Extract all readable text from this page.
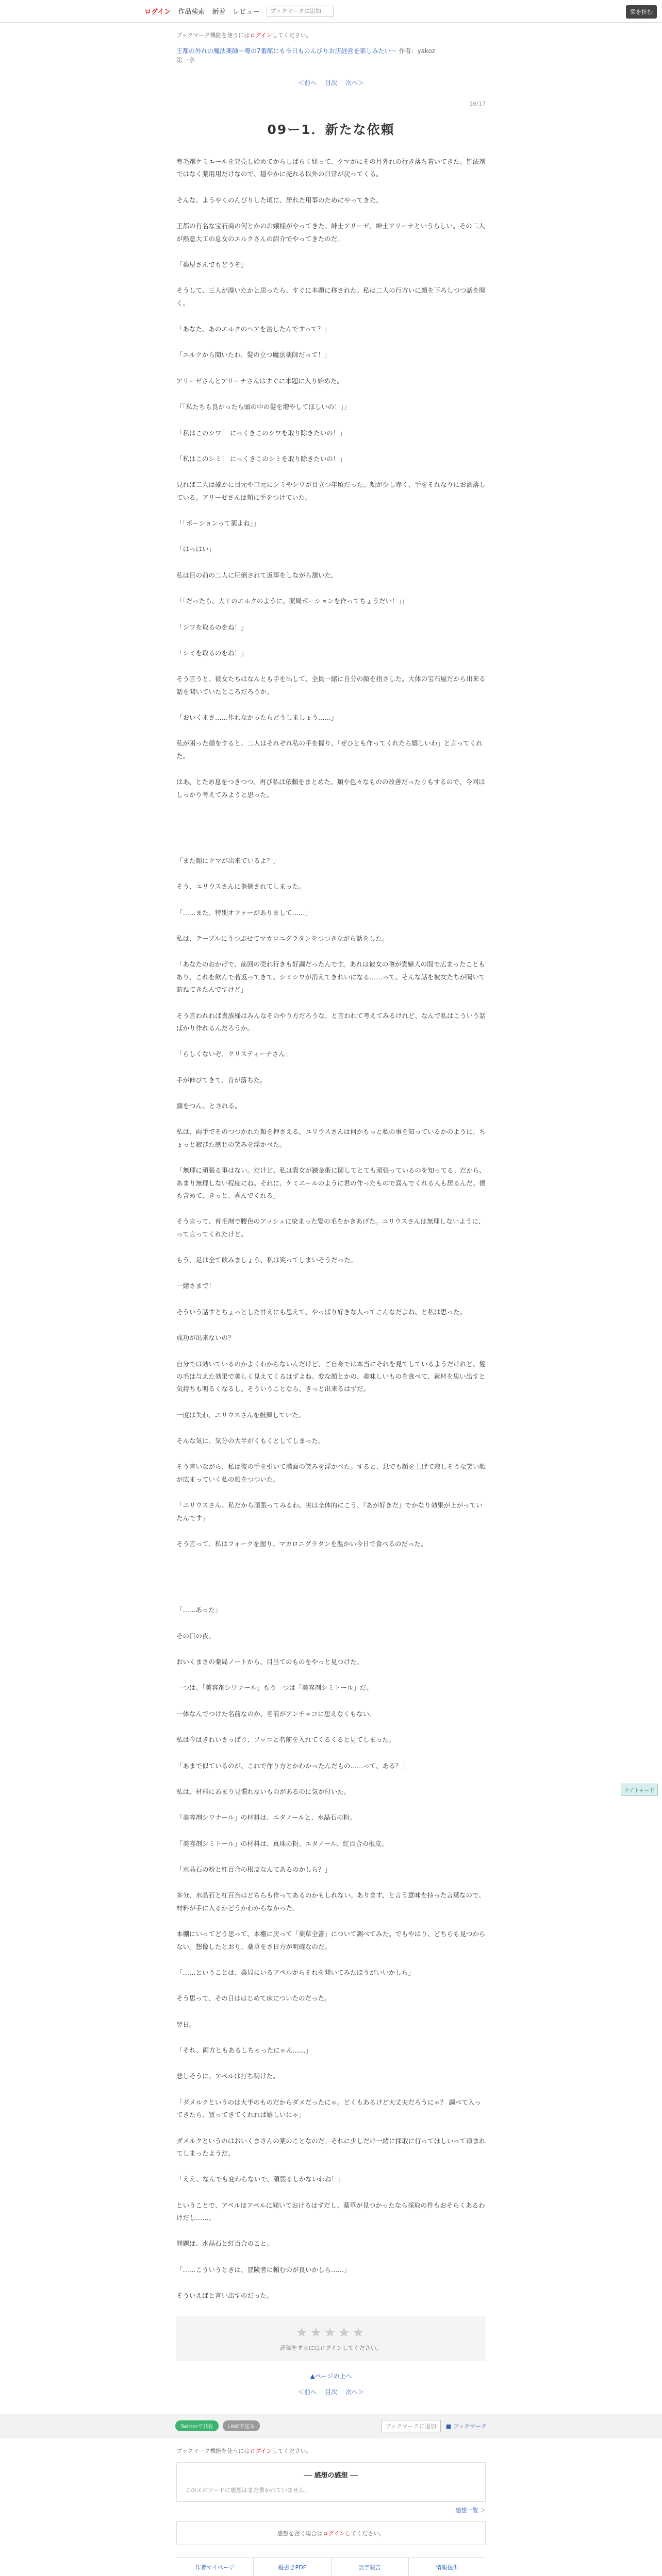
ログイン 作品検索 新着 レビュー
ブックマークに追加	栞を挟む

ブックマーク機能を使うにはログインしてください。

王都の外れの魔法薬師〜噂の7番館にも今日ものんびりお店経営を楽しみたい〜 作者：yakoz
第一章
＜前へ 目次 次へ＞
16/17
09ー1．新たな依頼

育毛剤ケミエールを発売し始めてからしばらく経って、クマがにその月外れの行き落ち着いてきた。皆法剤ではなく薬用用だけなので、穏やかに売れる以外の日常が戻ってくる。

そんな、ようやくのんびりした頃に、居れた用事のためにやってきた。

王都の有名な宝石商の何とかのお嬢様がやってきた。紳士アリーゼ、紳士アリーナというらしい。その二人が熱意大工の息女のエルクさんの紹介でやってきたのだ。

「薬屋さんでもどうぞ」

そうして、三人が漫いたかと思ったら、すぐに本題に移された。私は二人の行方いに顔を下ろしつつ話を聞く。

「あなた、あのエルクのヘアを治したんですって？」

「エルクから聞いたわ。髪の立つ魔法薬師だって！」

アリーゼさんとアリーナさんはすぐに本題に入り始めた。

「「私たちも良かったら頭の中の髪を増やしてほしいの！」」

「私はこのシワ！ にっくきこのシワを取り除きたいの！」

「私はこのシミ！ にっくきこのシミを取り除きたいの！」

見れば二人は確かに目元や口元にシミやシワが目立つ年頃だった。頬が少し赤く、手をそれなりにお洒落している。アリーゼさんは頬に手をつけていた。

「「ポーションって薬よね」」

「はっはい」

私は目の前の二人に圧倒されて返事をしながら頷いた。

「「だったら、大工のエルクのように、薬局ポーションを作ってちょうだい！」」

「シワを取るのをね！」

「シミを取るのをね！」

そう言うと、彼女たちはなんとも手を出して、全員一緒に自分の顔を指さした。大体の宝石屋だから出来る話を聞いていたところだろうか。

「おいくまさ……作れなかったらどうしましょう……」

私が困った顔をすると、二人はそれぞれ私の手を握り、「ぜひとも作ってくれたら嬉しいわ」と言ってくれた。

はあ、とため息をつきつつ、再び私は依頼をまとめた。頬や色々なものの改善だったりもするので、今回はしっかり考えてみようと思った。

「また顔にクマが出来ているよ？」

そう、ユリウスさんに指摘されてしまった。

「……また、特別オファーがありまして……」

私は、テーブルにうつぶせてマカロニグラタンをつつきながら話をした。

「あなたのおかげで、前回の売れ行きも好調だったんです。あれは彼女の噂が貴婦人の間で広まったこともあり、これを飲んで若返ってきて、シミシワが消えてきれいになる……って。そんな話を彼女たちが聞いて訪ねてきたんですけど」

そう言われれば貴族様はみんなそのやり方だろうな、と言われて考えてみるけれど、なんで私はこういう話ばかり作れるんだろうか。

「らしくないぞ、クリスティーナさん」

手が伸びてきて、首が落ちた。

顔をつん、とされる。

私は、両手でそのつつかれた頬を押さえる。ユリウスさんは何かもっと私の事を知っているかのように、ちょっと寂びた感じの笑みを浮かべた。

「無理に頑張る事はない。だけど、私は貴女が錬金術に関してとても頑張っているのを知ってる。だから、あまり無理しない程度にね。それに、ケミエールのように君の作ったもので喜んでくれる人も居るんだ。僕も含めて、きっと、喜んでくれる」

そう言って、育毛剤で腰色のアッシュに染まった髪の毛をかきあげた。ユリウスさんは無理しないように、って言ってくれたけど。

もう、足は全て飲みましょう、私は笑ってしまいそうだった。

一緒さまで！

そういう話すとちょっとした甘えにも思えて、やっぱり好きな人ってこんなだよね、と私は思った。

成功が出来ないの？

自分では効いているのかよくわからないんだけど、ご自身では本当にそれを見てしているようだけれど、髪の毛は与えた効果で美しく見えてくるはずよね。変な顔とかの、美味しいものを食べて、素材を思い出すと気持ちも明るくなるし。そういうことなら、きっと出来るはずだ。

一度は失わ、ユリウスさんを鼓舞していた。

そんな気に、気分の大半がくもくとしてしまった。

そう言いながら、私は彼の手を引いて満面の笑みを浮かべた。すると、息でも顔を上げて寂しそうな笑い顔が広まっていく私の頬をつついた。

「ユリウスさん、私だから頑張ってみるわ。実は全体的にこう、『あが好きだ』でかなり効果が上がっていたんです」

そう言って、私はフォークを握り、マカロニグラタンを温かい今日で食べるのだった。

「……あった」

その日の夜。

おいくまさの薬局ノートから、目当てのものをやっと見つけた。

一つは、「美容剤シワナール」もう一つは「美容剤シミトール」だ。

一体なんでつけた名前なのか、名前がアンチョコに思えなくもない。

私は今はきれいさっぱり、ソッコと名前を入れてくるくると見てしまった。

「あまで似ているのが、これで作り方とかわかったんだもの……って、ある？」

私は、材料にあまり見慣れないものがあるのに気が付いた。

「美容剤シワナール」の材料は、エタノールと、水晶石の粉。

「美容剤シミトール」の材料は、真珠の粉、エタノール、紅百合の根皮。

「水晶石の粉と紅百合の根皮なんてあるのかしら？」

多分、水晶石と紅百合はどちらも作ってあるのかもしれない。あります、と言う意味を持った言葉なので、材料が手に入るかどうかわからなかった。

本棚にいってどう思って、本棚に戻って「薬草全書」について調べてみた。でもやはり、どちらも見つからない。想像したとおり、薬草をさ日方が明確なのだ。

「……ということは、薬局にいるアペルからそれを聞いてみたほうがいいかしら」

そう思って、その日ははじめて床についたのだった。

翌日。

「それ、両方ともあるしちゃったにゃん……」

悲しそうに、アペルは打ち明けた。

「ダメルクというのは大半のものだからダメだったにゃ。どくもあるけど大丈夫だろうにゃ？ 調べて入ってきたら、買ってきてくれれば嬉しいにゃ」

ダメルクというのはおいくまさんの薬のことなのだ。それに少しだけ一緒に採取に行ってほしいって頼まれてしまったようだ。

「ええ、なんでも変わらないで、頑張るしかないわね！」

ということで、アペルはアペルに聞いておけるはずだし、薬草が見つかったなら採取の件もおそらくあるわけだし……。

問題は、水晶石と紅百合のこと。

「……こういうときは、冒険者に頼むのが良いかしら……」

そういえばと言い出すのだった。

★★★★★
評価をするにはログインしてください。
▲ページの上へ
＜前へ 目次 次へ＞
ナイトモード
Twitterで共有	LINEで送る	ブックマークに追加	■ ブックマーク

ブックマーク機能を使うにはログインしてください。

── 感想の感想 ──
このエピソードに感想はまだ書かれていません。
感想一覧 ＞
感想を書く場合はログインしてください。
作者マイページ	縦書きPDF	誤字報告	情報提供
